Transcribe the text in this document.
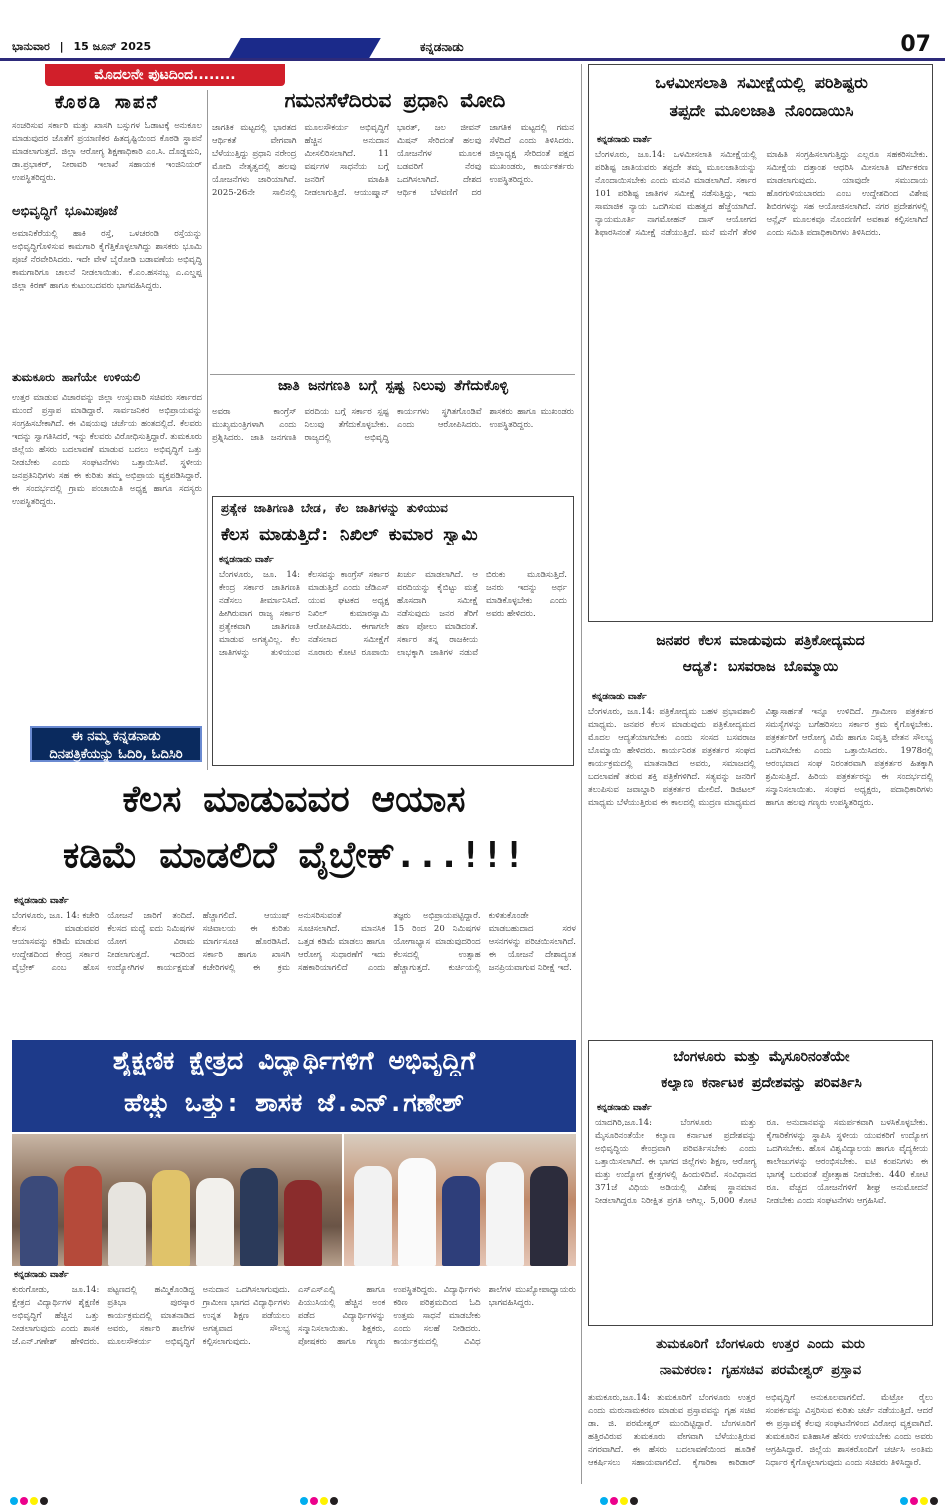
ಭಾನುವಾರ | 15 ಜೂನ್ 2025	ಕನ್ನಡನಾಡು	07
ಮೊದಲನೇ ಪುಟದಿಂದ........
ಕೊಠಡಿ ಸಾಪನೆ
ಸಂಚರಿಸುವ ಸರ್ಕಾರಿ ಮತ್ತು ಖಾಸಗಿ ಬಸ್ಸುಗಳ ಓಡಾಟಕ್ಕೆ ಅನುಕೂಲ ಮಾಡುವುದರ ಜೊತೆಗೆ ಪ್ರಯಾಣಿಕರ ಹಿತದೃಷ್ಟಿಯಿಂದ ಕೊಠಡಿ ಸ್ಥಾಪನೆ ಮಾಡಲಾಗುತ್ತದೆ. ಜಿಲ್ಲಾ ಆರೋಗ್ಯ ಶಿಕ್ಷಣಾಧಿಕಾರಿ ಎಂ.ಸಿ. ದೊಡ್ಡಮನಿ, ಡಾ.ಪ್ರಭಾಕರ್, ನೀರಾವರಿ ಇಲಾಖೆ ಸಹಾಯಕ ಇಂಜಿನಿಯರ್ ಉಪಸ್ಥಿತರಿದ್ದರು.
ಅಭಿವೃದ್ಧಿಗೆ ಭೂಮಿಪೂಜೆ
ಅಮಾನಿಕೆರೆಯಲ್ಲಿ ಹಾಕಿ ರಸ್ತೆ, ಒಳಚರಂಡಿ ರಸ್ತೆಯನ್ನು ಅಭಿವೃದ್ಧಿಗೊಳಿಸುವ ಕಾಮಗಾರಿ ಕೈಗೆತ್ತಿಕೊಳ್ಳಲಾಗಿದ್ದು ಶಾಸಕರು ಭೂಮಿ ಪೂಜೆ ನೆರವೇರಿಸಿದರು. ಇದೇ ವೇಳೆ ಬೈರೋಡಿ ಬಡಾವಣೆಯ ಅಭಿವೃದ್ಧಿ ಕಾಮಗಾರಿಗೂ ಚಾಲನೆ ನೀಡಲಾಯಿತು. ಕೆ.ಎಂ.ಹಸನಬ್ಬ ಎ.ಎಲ್ಡಪ್ಪ ಜಿಲ್ಲಾ ಕಿರಣ್ ಹಾಗೂ ಕುಟುಂಬದವರು ಭಾಗವಹಿಸಿದ್ದರು.
ತುಮಕೂರು ಹಾಗೆಯೇ ಉಳಿಯಲಿ
ಉತ್ತರ ಮಾಡುವ ವಿಚಾರವನ್ನು ಜಿಲ್ಲಾ ಉಸ್ತುವಾರಿ ಸಚಿವರು ಸರ್ಕಾರದ ಮುಂದೆ ಪ್ರಸ್ತಾಪ ಮಾಡಿದ್ದಾರೆ. ಸಾರ್ವಜನಿಕರ ಅಭಿಪ್ರಾಯವನ್ನು ಸಂಗ್ರಹಿಸಬೇಕಾಗಿದೆ. ಈ ವಿಷಯವು ಚರ್ಚೆಯ ಹಂತದಲ್ಲಿದೆ. ಕೆಲವರು ಇದನ್ನು ಸ್ವಾಗತಿಸಿದರೆ, ಇನ್ನು ಕೆಲವರು ವಿರೋಧಿಸುತ್ತಿದ್ದಾರೆ. ತುಮಕೂರು ಜಿಲ್ಲೆಯ ಹೆಸರು ಬದಲಾವಣೆ ಮಾಡುವ ಬದಲು ಅಭಿವೃದ್ಧಿಗೆ ಒತ್ತು ನೀಡಬೇಕು ಎಂದು ಸಂಘಟನೆಗಳು ಒತ್ತಾಯಿಸಿವೆ. ಸ್ಥಳೀಯ ಜನಪ್ರತಿನಿಧಿಗಳು ಸಹ ಈ ಕುರಿತು ತಮ್ಮ ಅಭಿಪ್ರಾಯ ವ್ಯಕ್ತಪಡಿಸಿದ್ದಾರೆ. ಈ ಸಂದರ್ಭದಲ್ಲಿ ಗ್ರಾಮ ಪಂಚಾಯಿತಿ ಅಧ್ಯಕ್ಷ ಹಾಗೂ ಸದಸ್ಯರು ಉಪಸ್ಥಿತರಿದ್ದರು.
ಈ ನಮ್ಮ ಕನ್ನಡನಾಡು
ದಿನಪತ್ರಿಕೆಯನ್ನು ಓದಿರಿ, ಓದಿಸಿರಿ
ಗಮನಸೆಳೆದಿರುವ ಪ್ರಧಾನಿ ಮೋದಿ
ಜಾಗತಿಕ ಮಟ್ಟದಲ್ಲಿ ಭಾರತದ ಆರ್ಥಿಕತೆ ವೇಗವಾಗಿ ಬೆಳೆಯುತ್ತಿದ್ದು ಪ್ರಧಾನಿ ನರೇಂದ್ರ ಮೋದಿ ನೇತೃತ್ವದಲ್ಲಿ ಹಲವು ಯೋಜನೆಗಳು ಜಾರಿಯಾಗಿವೆ. 2025-26ನೇ ಸಾಲಿನಲ್ಲಿ ಮೂಲಸೌಕರ್ಯ ಅಭಿವೃದ್ಧಿಗೆ ಹೆಚ್ಚಿನ ಅನುದಾನ ಮೀಸಲಿರಿಸಲಾಗಿದೆ. 11 ವರ್ಷಗಳ ಸಾಧನೆಯ ಬಗ್ಗೆ ಜನರಿಗೆ ಮಾಹಿತಿ ನೀಡಲಾಗುತ್ತಿದೆ. ಆಯುಷ್ಮಾನ್ ಭಾರತ್, ಜಲ ಜೀವನ್ ಮಿಷನ್ ಸೇರಿದಂತೆ ಹಲವು ಯೋಜನೆಗಳ ಮೂಲಕ ಬಡವರಿಗೆ ನೆರವು ಒದಗಿಸಲಾಗಿದೆ. ದೇಶದ ಆರ್ಥಿಕ ಬೆಳವಣಿಗೆ ದರ ಜಾಗತಿಕ ಮಟ್ಟದಲ್ಲಿ ಗಮನ ಸೆಳೆದಿದೆ ಎಂದು ತಿಳಿಸಿದರು. ಜಿಲ್ಲಾಧ್ಯಕ್ಷ ಸೇರಿದಂತೆ ಪಕ್ಷದ ಮುಖಂಡರು, ಕಾರ್ಯಕರ್ತರು ಉಪಸ್ಥಿತರಿದ್ದರು.
ಜಾತಿ ಜನಗಣತಿ ಬಗ್ಗೆ ಸ್ಪಷ್ಟ ನಿಲುವು ತೆಗೆದುಕೊಳ್ಳಿ
ಅವರಾ ಕಾಂಗ್ರೆಸ್ ಮುಖ್ಯಮಂತ್ರಿಗಳಾಗಿ ಎಂದು ಪ್ರಶ್ನಿಸಿದರು. ಜಾತಿ ಜನಗಣತಿ ವರದಿಯ ಬಗ್ಗೆ ಸರ್ಕಾರ ಸ್ಪಷ್ಟ ನಿಲುವು ತೆಗೆದುಕೊಳ್ಳಬೇಕು. ರಾಜ್ಯದಲ್ಲಿ ಅಭಿವೃದ್ಧಿ ಕಾರ್ಯಗಳು ಸ್ಥಗಿತಗೊಂಡಿವೆ ಎಂದು ಆರೋಪಿಸಿದರು. ಶಾಸಕರು ಹಾಗೂ ಮುಖಂಡರು ಉಪಸ್ಥಿತರಿದ್ದರು.
ಪ್ರತ್ಯೇಕ ಜಾತಿಗಣತಿ ಬೇಡ, ಕೆಲ ಜಾತಿಗಳನ್ನು ತುಳಿಯುವ
ಕೆಲಸ ಮಾಡುತ್ತಿದೆ: ನಿಖಿಲ್ ಕುಮಾರ ಸ್ವಾಮಿ
ಕನ್ನಡನಾಡು ವಾರ್ತೆ
ಬೆಂಗಳೂರು, ಜೂ. 14: ಕೇಂದ್ರ ಸರ್ಕಾರ ಜಾತಿಗಣತಿ ನಡೆಸಲು ತೀರ್ಮಾನಿಸಿದೆ. ಹೀಗಿರುವಾಗ ರಾಜ್ಯ ಸರ್ಕಾರ ಪ್ರತ್ಯೇಕವಾಗಿ ಜಾತಿಗಣತಿ ಮಾಡುವ ಅಗತ್ಯವಿಲ್ಲ. ಕೆಲ ಜಾತಿಗಳನ್ನು ತುಳಿಯುವ ಕೆಲಸವನ್ನು ಕಾಂಗ್ರೆಸ್ ಸರ್ಕಾರ ಮಾಡುತ್ತಿದೆ ಎಂದು ಜೆಡಿಎಸ್ ಯುವ ಘಟಕದ ಅಧ್ಯಕ್ಷ ನಿಖಿಲ್ ಕುಮಾರಸ್ವಾಮಿ ಆರೋಪಿಸಿದರು. ಈಗಾಗಲೇ ನಡೆಸಲಾದ ಸಮೀಕ್ಷೆಗೆ ನೂರಾರು ಕೋಟಿ ರೂಪಾಯಿ ಖರ್ಚು ಮಾಡಲಾಗಿದೆ. ಆ ವರದಿಯನ್ನು ಕೈಬಿಟ್ಟು ಮತ್ತೆ ಹೊಸದಾಗಿ ಸಮೀಕ್ಷೆ ನಡೆಸುವುದು ಜನರ ತೆರಿಗೆ ಹಣ ಪೋಲು ಮಾಡಿದಂತೆ. ಸರ್ಕಾರ ತನ್ನ ರಾಜಕೀಯ ಲಾಭಕ್ಕಾಗಿ ಜಾತಿಗಳ ನಡುವೆ ಬಿರುಕು ಮೂಡಿಸುತ್ತಿದೆ. ಜನರು ಇದನ್ನು ಅರ್ಥ ಮಾಡಿಕೊಳ್ಳಬೇಕು ಎಂದು ಅವರು ಹೇಳಿದರು.
ಕೆಲಸ ಮಾಡುವವರ ಆಯಾಸ
ಕಡಿಮೆ ಮಾಡಲಿದೆ ವೈಬ್ರೇಕ್...!!!
ಕನ್ನಡನಾಡು ವಾರ್ತೆ
ಬೆಂಗಳೂರು, ಜೂ. 14: ಕಚೇರಿ ಕೆಲಸ ಮಾಡುವವರ ಆಯಾಸವನ್ನು ಕಡಿಮೆ ಮಾಡುವ ಉದ್ದೇಶದಿಂದ ಕೇಂದ್ರ ಸರ್ಕಾರ ವೈಬ್ರೇಕ್ ಎಂಬ ಹೊಸ ಯೋಜನೆ ಜಾರಿಗೆ ತಂದಿದೆ. ಕೆಲಸದ ಮಧ್ಯೆ ಐದು ನಿಮಿಷಗಳ ಯೋಗ ವಿರಾಮ ನೀಡಲಾಗುತ್ತದೆ. ಇದರಿಂದ ಉದ್ಯೋಗಿಗಳ ಕಾರ್ಯಕ್ಷಮತೆ ಹೆಚ್ಚಾಗಲಿದೆ. ಆಯುಷ್ ಸಚಿವಾಲಯ ಈ ಕುರಿತು ಮಾರ್ಗಸೂಚಿ ಹೊರಡಿಸಿದೆ. ಸರ್ಕಾರಿ ಹಾಗೂ ಖಾಸಗಿ ಕಚೇರಿಗಳಲ್ಲಿ ಈ ಕ್ರಮ ಅನುಸರಿಸುವಂತೆ ಸೂಚಿಸಲಾಗಿದೆ. ಮಾನಸಿಕ ಒತ್ತಡ ಕಡಿಮೆ ಮಾಡಲು ಹಾಗೂ ಆರೋಗ್ಯ ಸುಧಾರಣೆಗೆ ಇದು ಸಹಕಾರಿಯಾಗಲಿದೆ ಎಂದು ತಜ್ಞರು ಅಭಿಪ್ರಾಯಪಟ್ಟಿದ್ದಾರೆ. 15 ರಿಂದ 20 ನಿಮಿಷಗಳ ಯೋಗಾಭ್ಯಾಸ ಮಾಡುವುದರಿಂದ ಕೆಲಸದಲ್ಲಿ ಉತ್ಸಾಹ ಹೆಚ್ಚಾಗುತ್ತದೆ. ಕುರ್ಚಿಯಲ್ಲಿ ಕುಳಿತುಕೊಂಡೇ ಮಾಡಬಹುದಾದ ಸರಳ ಆಸನಗಳನ್ನು ಪರಿಚಯಿಸಲಾಗಿದೆ. ಈ ಯೋಜನೆ ದೇಶಾದ್ಯಂತ ಜನಪ್ರಿಯವಾಗುವ ನಿರೀಕ್ಷೆ ಇದೆ.
ಶೈಕ್ಷಣಿಕ ಕ್ಷೇತ್ರದ ವಿದ್ಯಾರ್ಥಿಗಳಿಗೆ ಅಭಿವೃದ್ಧಿಗೆ
ಹೆಚ್ಚು ಒತ್ತು: ಶಾಸಕ ಜೆ.ಎನ್.ಗಣೇಶ್
ಕನ್ನಡನಾಡು ವಾರ್ತೆ
ಕುರುಗೋಡು, ಜೂ.14: ಕ್ಷೇತ್ರದ ವಿದ್ಯಾರ್ಥಿಗಳ ಶೈಕ್ಷಣಿಕ ಅಭಿವೃದ್ಧಿಗೆ ಹೆಚ್ಚಿನ ಒತ್ತು ನೀಡಲಾಗುವುದು ಎಂದು ಶಾಸಕ ಜೆ.ಎನ್.ಗಣೇಶ್ ಹೇಳಿದರು. ಪಟ್ಟಣದಲ್ಲಿ ಹಮ್ಮಿಕೊಂಡಿದ್ದ ಪ್ರತಿಭಾ ಪುರಸ್ಕಾರ ಕಾರ್ಯಕ್ರಮದಲ್ಲಿ ಮಾತನಾಡಿದ ಅವರು, ಸರ್ಕಾರಿ ಶಾಲೆಗಳ ಮೂಲಸೌಕರ್ಯ ಅಭಿವೃದ್ಧಿಗೆ ಅನುದಾನ ಒದಗಿಸಲಾಗುವುದು. ಗ್ರಾಮೀಣ ಭಾಗದ ವಿದ್ಯಾರ್ಥಿಗಳು ಉನ್ನತ ಶಿಕ್ಷಣ ಪಡೆಯಲು ಅಗತ್ಯವಾದ ಸೌಲಭ್ಯ ಕಲ್ಪಿಸಲಾಗುವುದು. ಎಸ್ಎಸ್ಎಲ್ಸಿ ಹಾಗೂ ಪಿಯುಸಿಯಲ್ಲಿ ಹೆಚ್ಚಿನ ಅಂಕ ಪಡೆದ ವಿದ್ಯಾರ್ಥಿಗಳನ್ನು ಸನ್ಮಾನಿಸಲಾಯಿತು. ಶಿಕ್ಷಕರು, ಪೋಷಕರು ಹಾಗೂ ಗಣ್ಯರು ಉಪಸ್ಥಿತರಿದ್ದರು. ವಿದ್ಯಾರ್ಥಿಗಳು ಕಠಿಣ ಪರಿಶ್ರಮದಿಂದ ಓದಿ ಉತ್ತಮ ಸಾಧನೆ ಮಾಡಬೇಕು ಎಂದು ಸಲಹೆ ನೀಡಿದರು. ಕಾರ್ಯಕ್ರಮದಲ್ಲಿ ವಿವಿಧ ಶಾಲೆಗಳ ಮುಖ್ಯೋಪಾಧ್ಯಾಯರು ಭಾಗವಹಿಸಿದ್ದರು.
ಒಳಮೀಸಲಾತಿ ಸಮೀಕ್ಷೆಯಲ್ಲಿ ಪರಿಶಿಷ್ಟರು
ತಪ್ಪದೇ ಮೂಲಜಾತಿ ನೊಂದಾಯಿಸಿ
ಕನ್ನಡನಾಡು ವಾರ್ತೆ
ಬೆಂಗಳೂರು, ಜೂ.14: ಒಳಮೀಸಲಾತಿ ಸಮೀಕ್ಷೆಯಲ್ಲಿ ಪರಿಶಿಷ್ಟ ಜಾತಿಯವರು ತಪ್ಪದೇ ತಮ್ಮ ಮೂಲಜಾತಿಯನ್ನು ನೊಂದಾಯಿಸಬೇಕು ಎಂದು ಮನವಿ ಮಾಡಲಾಗಿದೆ. ಸರ್ಕಾರ 101 ಪರಿಶಿಷ್ಟ ಜಾತಿಗಳ ಸಮೀಕ್ಷೆ ನಡೆಸುತ್ತಿದ್ದು, ಇದು ಸಾಮಾಜಿಕ ನ್ಯಾಯ ಒದಗಿಸುವ ಮಹತ್ವದ ಹೆಜ್ಜೆಯಾಗಿದೆ. ನ್ಯಾಯಮೂರ್ತಿ ನಾಗಮೋಹನ್ ದಾಸ್ ಆಯೋಗದ ಶಿಫಾರಸಿನಂತೆ ಸಮೀಕ್ಷೆ ನಡೆಯುತ್ತಿದೆ. ಮನೆ ಮನೆಗೆ ತೆರಳಿ ಮಾಹಿತಿ ಸಂಗ್ರಹಿಸಲಾಗುತ್ತಿದ್ದು ಎಲ್ಲರೂ ಸಹಕರಿಸಬೇಕು. ಸಮೀಕ್ಷೆಯ ದತ್ತಾಂಶ ಆಧರಿಸಿ ಮೀಸಲಾತಿ ವರ್ಗೀಕರಣ ಮಾಡಲಾಗುವುದು. ಯಾವುದೇ ಸಮುದಾಯ ಹೊರಗುಳಿಯಬಾರದು ಎಂಬ ಉದ್ದೇಶದಿಂದ ವಿಶೇಷ ಶಿಬಿರಗಳನ್ನು ಸಹ ಆಯೋಜಿಸಲಾಗಿದೆ. ನಗರ ಪ್ರದೇಶಗಳಲ್ಲಿ ಆನ್ಲೈನ್ ಮೂಲಕವೂ ನೊಂದಣಿಗೆ ಅವಕಾಶ ಕಲ್ಪಿಸಲಾಗಿದೆ ಎಂದು ಸಮಿತಿ ಪದಾಧಿಕಾರಿಗಳು ತಿಳಿಸಿದರು.
ಜನಪರ ಕೆಲಸ ಮಾಡುವುದು ಪತ್ರಿಕೋದ್ಯಮದ
ಆದ್ಯತೆ: ಬಸವರಾಜ ಬೊಮ್ಮಾಯಿ
ಕನ್ನಡನಾಡು ವಾರ್ತೆ
ಬೆಂಗಳೂರು, ಜೂ.14: ಪತ್ರಿಕೋದ್ಯಮ ಬಹಳ ಪ್ರಭಾವಶಾಲಿ ಮಾಧ್ಯಮ. ಜನಪರ ಕೆಲಸ ಮಾಡುವುದು ಪತ್ರಿಕೋದ್ಯಮದ ಮೊದಲ ಆದ್ಯತೆಯಾಗಬೇಕು ಎಂದು ಸಂಸದ ಬಸವರಾಜ ಬೊಮ್ಮಾಯಿ ಹೇಳಿದರು. ಕಾರ್ಯನಿರತ ಪತ್ರಕರ್ತರ ಸಂಘದ ಕಾರ್ಯಕ್ರಮದಲ್ಲಿ ಮಾತನಾಡಿದ ಅವರು, ಸಮಾಜದಲ್ಲಿ ಬದಲಾವಣೆ ತರುವ ಶಕ್ತಿ ಪತ್ರಿಕೆಗಳಿಗಿದೆ. ಸತ್ಯವನ್ನು ಜನರಿಗೆ ತಲುಪಿಸುವ ಜವಾಬ್ದಾರಿ ಪತ್ರಕರ್ತರ ಮೇಲಿದೆ. ಡಿಜಿಟಲ್ ಮಾಧ್ಯಮ ಬೆಳೆಯುತ್ತಿರುವ ಈ ಕಾಲದಲ್ಲಿ ಮುದ್ರಣ ಮಾಧ್ಯಮದ ವಿಶ್ವಾಸಾರ್ಹತೆ ಇನ್ನೂ ಉಳಿದಿದೆ. ಗ್ರಾಮೀಣ ಪತ್ರಕರ್ತರ ಸಮಸ್ಯೆಗಳನ್ನು ಬಗೆಹರಿಸಲು ಸರ್ಕಾರ ಕ್ರಮ ಕೈಗೊಳ್ಳಬೇಕು. ಪತ್ರಕರ್ತರಿಗೆ ಆರೋಗ್ಯ ವಿಮೆ ಹಾಗೂ ನಿವೃತ್ತಿ ವೇತನ ಸೌಲಭ್ಯ ಒದಗಿಸಬೇಕು ಎಂದು ಒತ್ತಾಯಿಸಿದರು. 1978ರಲ್ಲಿ ಆರಂಭವಾದ ಸಂಘ ನಿರಂತರವಾಗಿ ಪತ್ರಕರ್ತರ ಹಿತಕ್ಕಾಗಿ ಶ್ರಮಿಸುತ್ತಿದೆ. ಹಿರಿಯ ಪತ್ರಕರ್ತರನ್ನು ಈ ಸಂದರ್ಭದಲ್ಲಿ ಸನ್ಮಾನಿಸಲಾಯಿತು. ಸಂಘದ ಅಧ್ಯಕ್ಷರು, ಪದಾಧಿಕಾರಿಗಳು ಹಾಗೂ ಹಲವು ಗಣ್ಯರು ಉಪಸ್ಥಿತರಿದ್ದರು.
ಬೆಂಗಳೂರು ಮತ್ತು ಮೈಸೂರಿನಂತೆಯೇ
ಕಲ್ಯಾಣ ಕರ್ನಾಟಕ ಪ್ರದೇಶವನ್ನು ಪರಿವರ್ತಿಸಿ
ಕನ್ನಡನಾಡು ವಾರ್ತೆ
ಯಾದಗಿರಿ,ಜೂ.14: ಬೆಂಗಳೂರು ಮತ್ತು ಮೈಸೂರಿನಂತೆಯೇ ಕಲ್ಯಾಣ ಕರ್ನಾಟಕ ಪ್ರದೇಶವನ್ನು ಅಭಿವೃದ್ಧಿಯ ಕೇಂದ್ರವಾಗಿ ಪರಿವರ್ತಿಸಬೇಕು ಎಂದು ಒತ್ತಾಯಿಸಲಾಗಿದೆ. ಈ ಭಾಗದ ಜಿಲ್ಲೆಗಳು ಶಿಕ್ಷಣ, ಆರೋಗ್ಯ ಮತ್ತು ಉದ್ಯೋಗ ಕ್ಷೇತ್ರಗಳಲ್ಲಿ ಹಿಂದುಳಿದಿವೆ. ಸಂವಿಧಾನದ 371ಜೆ ವಿಧಿಯ ಅಡಿಯಲ್ಲಿ ವಿಶೇಷ ಸ್ಥಾನಮಾನ ನೀಡಲಾಗಿದ್ದರೂ ನಿರೀಕ್ಷಿತ ಪ್ರಗತಿ ಆಗಿಲ್ಲ. 5,000 ಕೋಟಿ ರೂ. ಅನುದಾನವನ್ನು ಸಮರ್ಪಕವಾಗಿ ಬಳಸಿಕೊಳ್ಳಬೇಕು. ಕೈಗಾರಿಕೆಗಳನ್ನು ಸ್ಥಾಪಿಸಿ ಸ್ಥಳೀಯ ಯುವಕರಿಗೆ ಉದ್ಯೋಗ ಒದಗಿಸಬೇಕು. ಹೊಸ ವಿಶ್ವವಿದ್ಯಾಲಯ ಹಾಗೂ ವೈದ್ಯಕೀಯ ಕಾಲೇಜುಗಳನ್ನು ಆರಂಭಿಸಬೇಕು. ಐಟಿ ಕಂಪನಿಗಳು ಈ ಭಾಗಕ್ಕೆ ಬರುವಂತೆ ಪ್ರೋತ್ಸಾಹ ನೀಡಬೇಕು. 440 ಕೋಟಿ ರೂ. ವೆಚ್ಚದ ಯೋಜನೆಗಳಿಗೆ ಶೀಘ್ರ ಅನುಮೋದನೆ ನೀಡಬೇಕು ಎಂದು ಸಂಘಟನೆಗಳು ಆಗ್ರಹಿಸಿವೆ.
ತುಮಕೂರಿಗೆ ಬೆಂಗಳೂರು ಉತ್ತರ ಎಂದು ಮರು
ನಾಮಕರಣ: ಗೃಹಸಚಿವ ಪರಮೇಶ್ವರ್ ಪ್ರಸ್ತಾವ
ತುಮಕೂರು,ಜೂ.14: ತುಮಕೂರಿಗೆ ಬೆಂಗಳೂರು ಉತ್ತರ ಎಂದು ಮರುನಾಮಕರಣ ಮಾಡುವ ಪ್ರಸ್ತಾವವನ್ನು ಗೃಹ ಸಚಿವ ಡಾ. ಜಿ. ಪರಮೇಶ್ವರ್ ಮುಂದಿಟ್ಟಿದ್ದಾರೆ. ಬೆಂಗಳೂರಿಗೆ ಹತ್ತಿರವಿರುವ ತುಮಕೂರು ವೇಗವಾಗಿ ಬೆಳೆಯುತ್ತಿರುವ ನಗರವಾಗಿದೆ. ಈ ಹೆಸರು ಬದಲಾವಣೆಯಿಂದ ಹೂಡಿಕೆ ಆಕರ್ಷಿಸಲು ಸಹಾಯವಾಗಲಿದೆ. ಕೈಗಾರಿಕಾ ಕಾರಿಡಾರ್ ಅಭಿವೃದ್ಧಿಗೆ ಅನುಕೂಲವಾಗಲಿದೆ. ಮೆಟ್ರೋ ರೈಲು ಸಂಪರ್ಕವನ್ನು ವಿಸ್ತರಿಸುವ ಕುರಿತು ಚರ್ಚೆ ನಡೆಯುತ್ತಿದೆ. ಆದರೆ ಈ ಪ್ರಸ್ತಾವಕ್ಕೆ ಕೆಲವು ಸಂಘಟನೆಗಳಿಂದ ವಿರೋಧ ವ್ಯಕ್ತವಾಗಿದೆ. ತುಮಕೂರಿನ ಐತಿಹಾಸಿಕ ಹೆಸರು ಉಳಿಯಬೇಕು ಎಂದು ಅವರು ಆಗ್ರಹಿಸಿದ್ದಾರೆ. ಜಿಲ್ಲೆಯ ಶಾಸಕರೊಂದಿಗೆ ಚರ್ಚಿಸಿ ಅಂತಿಮ ನಿರ್ಧಾರ ಕೈಗೊಳ್ಳಲಾಗುವುದು ಎಂದು ಸಚಿವರು ತಿಳಿಸಿದ್ದಾರೆ.
